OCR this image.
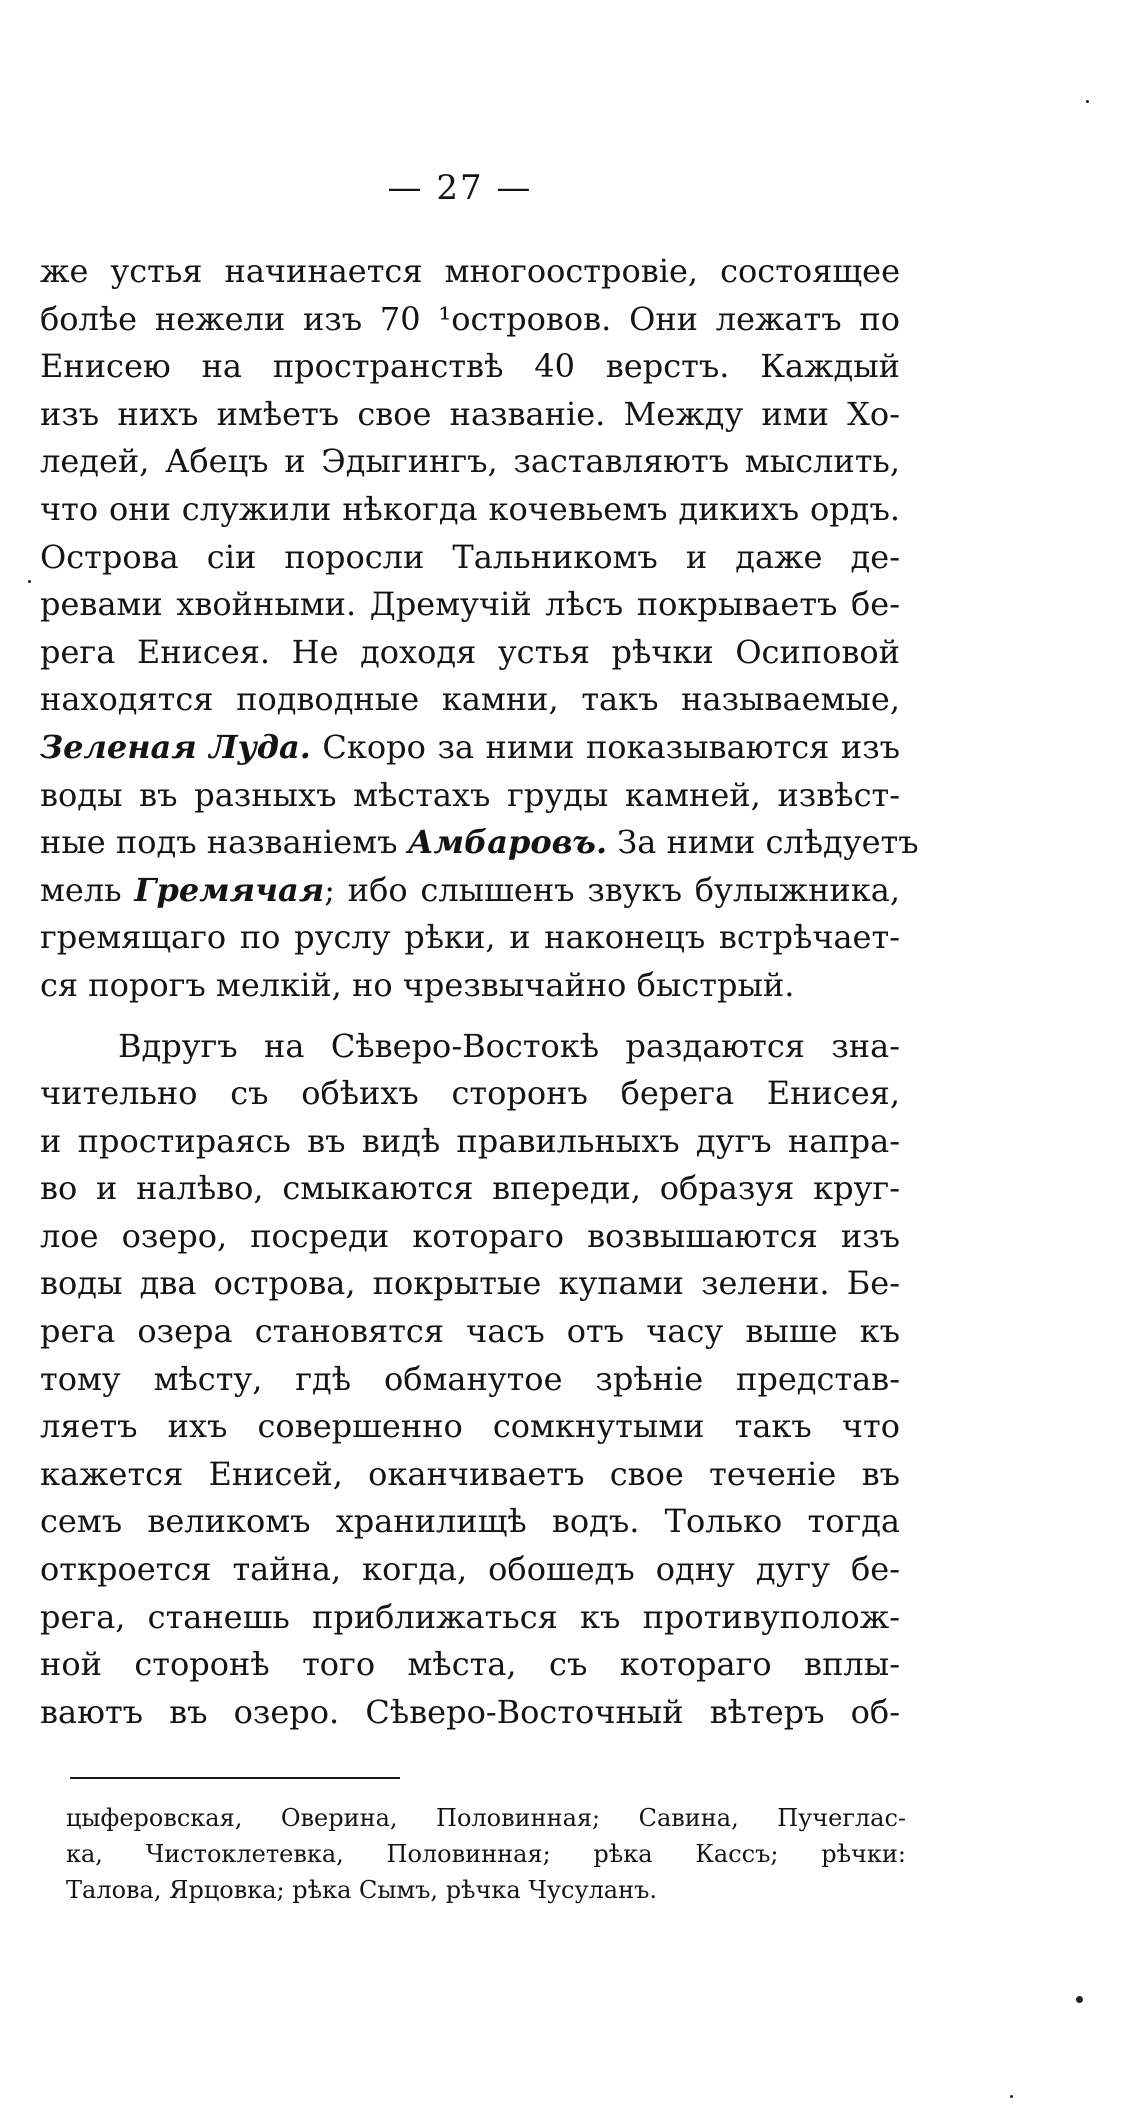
— 27 —
же устья начинается многоостровіе, состоящее
болѣе нежели изъ 70 ¹островов. Они лежатъ по
Енисею на пространствѣ 40 верстъ. Каждый
изъ нихъ имѣетъ свое названіе. Между ими Хо-
ледей, Абецъ и Эдыгингъ, заставляютъ мыслить,
что они служили нѣкогда кочевьемъ дикихъ ордъ.
Острова сіи поросли Тальникомъ и даже де-
ревами хвойными. Дремучій лѣсъ покрываетъ бе-
рега Енисея. Не доходя устья рѣчки Осиповой
находятся подводные камни, такъ называемые,
Зеленая Луда. Скоро за ними показываются изъ
воды въ разныхъ мѣстахъ груды камней, извѣст-
ные подъ названіемъ Амбаровъ. За ними слѣдуетъ
мель Гремячая; ибо слышенъ звукъ булыжника,
гремящаго по руслу рѣки, и наконецъ встрѣчает-
ся порогъ мелкій, но чрезвычайно быстрый.
Вдругъ на Сѣверо-Востокѣ раздаются зна-
чительно съ обѣихъ сторонъ берега Енисея,
и простираясь въ видѣ правильныхъ дугъ напра-
во и налѣво, смыкаются впереди, образуя круг-
лое озеро, посреди котораго возвышаются изъ
воды два острова, покрытые купами зелени. Бе-
рега озера становятся часъ отъ часу выше къ
тому мѣсту, гдѣ обманутое зрѣніе представ-
ляетъ ихъ совершенно сомкнутыми такъ что
кажется Енисей, оканчиваетъ свое теченіе въ
семъ великомъ хранилищѣ водъ. Только тогда
откроется тайна, когда, обошедъ одну дугу бе-
рега, станешь приближаться къ противуполож-
ной сторонѣ того мѣста, съ котораго вплы-
ваютъ въ озеро. Сѣверо-Восточный вѣтеръ об-
цыферовская, Оверина, Половинная; Савина, Пучеглас-
ка, Чистоклетевка, Половинная; рѣка Кассъ; рѣчки:
Талова, Ярцовка; рѣка Сымъ, рѣчка Чусуланъ.
